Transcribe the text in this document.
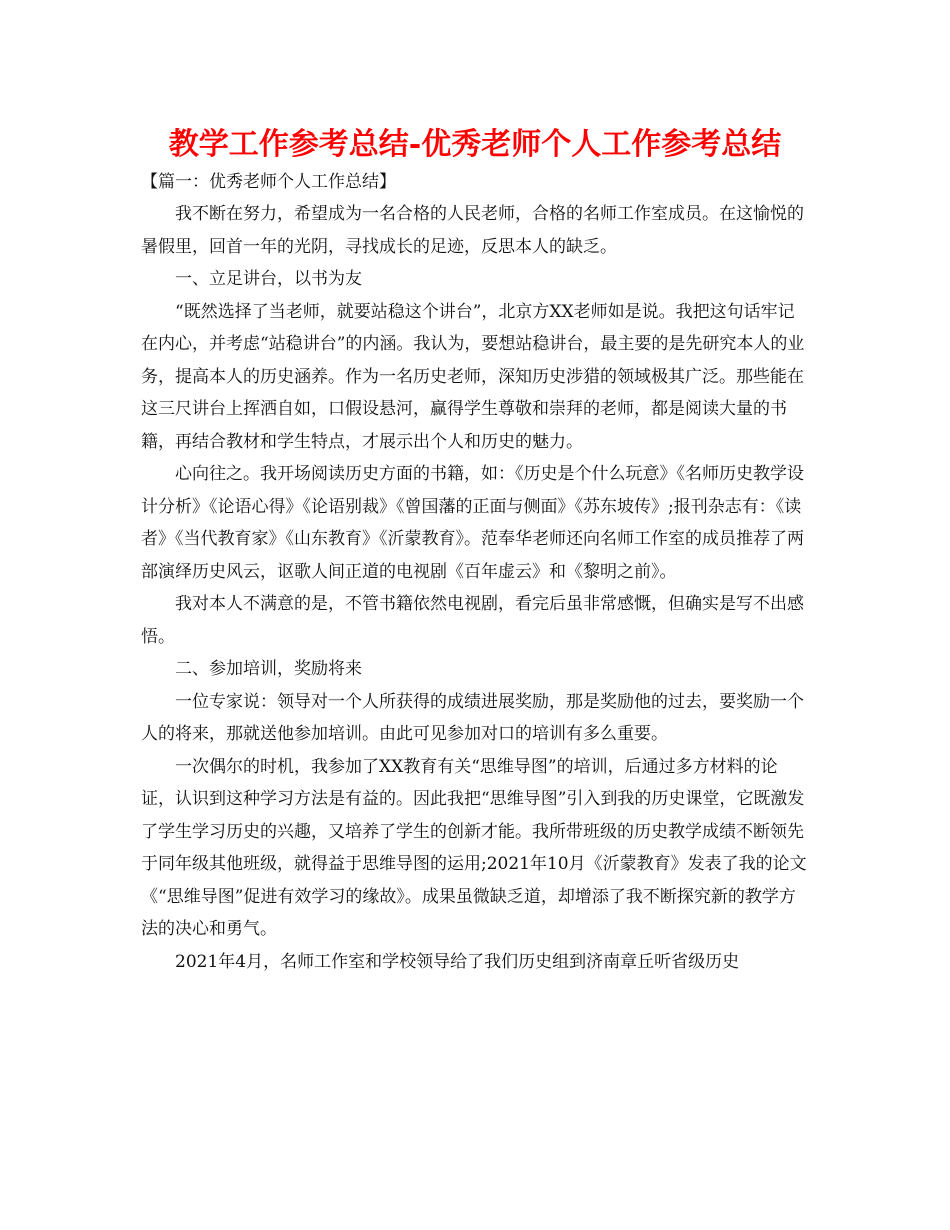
教学工作参考总结-优秀老师个人工作参考总结

【篇一：优秀老师个人工作总结】

我不断在努力，希望成为一名合格的人民老师，合格的名师工作室成员。在这愉悦的暑假里，回首一年的光阴，寻找成长的足迹，反思本人的缺乏。

一、立足讲台，以书为友

“既然选择了当老师，就要站稳这个讲台”，北京方XX老师如是说。我把这句话牢记在内心，并考虑“站稳讲台”的内涵。我认为，要想站稳讲台，最主要的是先研究本人的业务，提高本人的历史涵养。作为一名历史老师，深知历史涉猎的领域极其广泛。那些能在这三尺讲台上挥洒自如，口假设悬河，赢得学生尊敬和崇拜的老师，都是阅读大量的书籍，再结合教材和学生特点，才展示出个人和历史的魅力。

心向往之。我开场阅读历史方面的书籍，如：《历史是个什么玩意》《名师历史教学设计分析》《论语心得》《论语别裁》《曾国藩的正面与侧面》《苏东坡传》;报刊杂志有：《读者》《当代教育家》《山东教育》《沂蒙教育》。范奉华老师还向名师工作室的成员推荐了两部演绎历史风云，讴歌人间正道的电视剧《百年虚云》和《黎明之前》。

我对本人不满意的是，不管书籍依然电视剧，看完后虽非常感慨，但确实是写不出感悟。

二、参加培训，奖励将来

一位专家说：领导对一个人所获得的成绩进展奖励，那是奖励他的过去，要奖励一个人的将来，那就送他参加培训。由此可见参加对口的培训有多么重要。

一次偶尔的时机，我参加了XX教育有关“思维导图”的培训，后通过多方材料的论证，认识到这种学习方法是有益的。因此我把“思维导图”引入到我的历史课堂，它既激发了学生学习历史的兴趣，又培养了学生的创新才能。我所带班级的历史教学成绩不断领先于同年级其他班级，就得益于思维导图的运用;2021年10月《沂蒙教育》发表了我的论文《“思维导图”促进有效学习的缘故》。成果虽微缺乏道，却增添了我不断探究新的教学方法的决心和勇气。

2021年4月，名师工作室和学校领导给了我们历史组到济南章丘听省级历史
